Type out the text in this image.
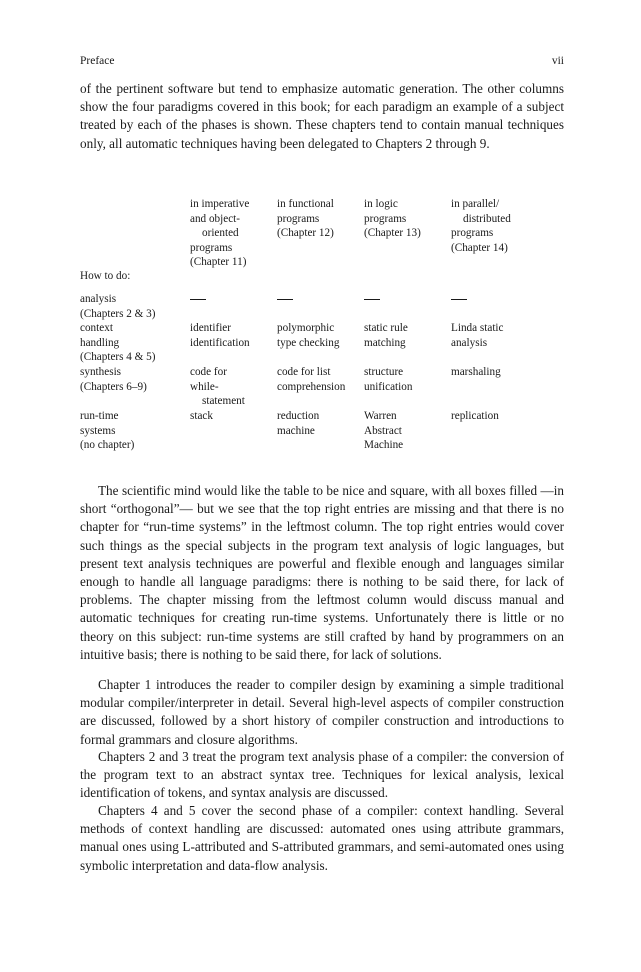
Preface	vii

of the pertinent software but tend to emphasize automatic generation. The other columns show the four paradigms covered in this book; for each paradigm an example of a subject treated by each of the phases is shown. These chapters tend to contain manual techniques only, all automatic techniques having been delegated to Chapters 2 through 9.

in imperative
and object-
oriented
programs
(Chapter 11)
in functional
programs
(Chapter 12)
in logic
programs
(Chapter 13)
in parallel/
distributed
programs
(Chapter 14)
How to do:
analysis
(Chapters 2 & 3)
context
handling
(Chapters 4 & 5)
identifier
identification
polymorphic
type checking
static rule
matching
Linda static
analysis
synthesis
(Chapters 6–9)
code for
while-
statement
code for list
comprehension
structure
unification
marshaling
run-time
systems
(no chapter)
stack	reduction
machine
Warren
Abstract
Machine
replication

The scientific mind would like the table to be nice and square, with all boxes filled —in short “orthogonal”— but we see that the top right entries are missing and that there is no chapter for “run-time systems” in the leftmost column. The top right entries would cover such things as the special subjects in the program text analysis of logic languages, but present text analysis techniques are powerful and flexible enough and languages similar enough to handle all language paradigms: there is nothing to be said there, for lack of problems. The chapter missing from the leftmost column would discuss manual and automatic techniques for creating run-time systems. Unfortunately there is little or no theory on this subject: run-time systems are still crafted by hand by programmers on an intuitive basis; there is nothing to be said there, for lack of solutions.

Chapter 1 introduces the reader to compiler design by examining a simple traditional modular compiler/interpreter in detail. Several high-level aspects of compiler construction are discussed, followed by a short history of compiler construction and introductions to formal grammars and closure algorithms.

Chapters 2 and 3 treat the program text analysis phase of a compiler: the conversion of the program text to an abstract syntax tree. Techniques for lexical analysis, lexical identification of tokens, and syntax analysis are discussed.

Chapters 4 and 5 cover the second phase of a compiler: context handling. Several methods of context handling are discussed: automated ones using attribute grammars, manual ones using L-attributed and S-attributed grammars, and semi-automated ones using symbolic interpretation and data-flow analysis.
